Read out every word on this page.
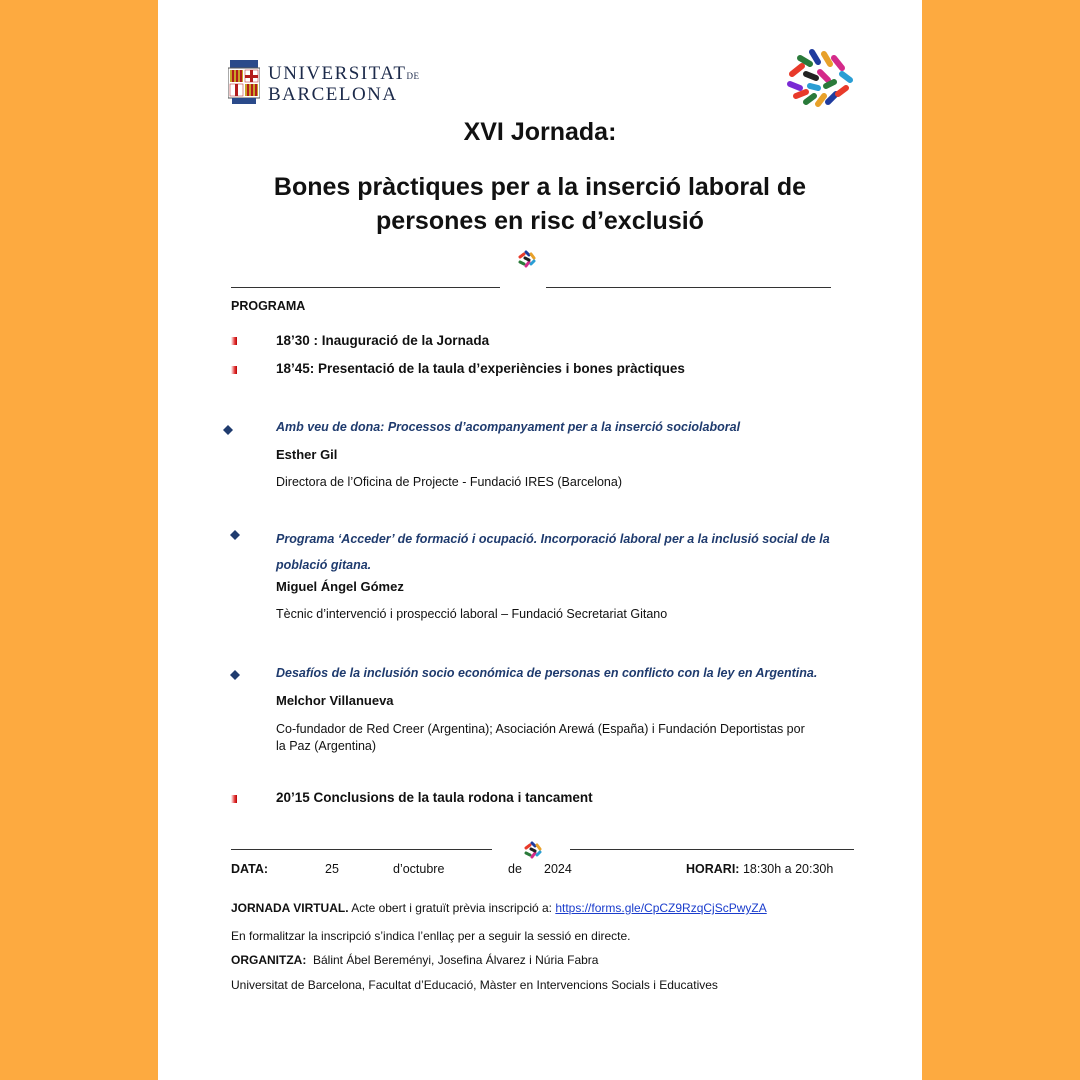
UNIVERSITATDE
BARCELONA
XVI Jornada:
Bones pràctiques per a la inserció laboral de
persones en risc d’exclusió
PROGRAMA
18’30 : Inauguració de la Jornada
18’45: Presentació de la taula d’experiències i bones pràctiques
Amb veu de dona: Processos d’acompanyament per a la inserció sociolaboral
Esther Gil
Directora de l’Oficina de Projecte - Fundació IRES (Barcelona)
Programa ‘Acceder’ de formació i ocupació. Incorporació laboral per a la inclusió social de la
població gitana.
Miguel Ángel Gómez
Tècnic d’intervenció i prospecció laboral – Fundació Secretariat Gitano
Desafíos de la inclusión socio económica de personas en conflicto con la ley en Argentina.
Melchor Villanueva
Co-fundador de Red Creer (Argentina); Asociación Arewá (España) i Fundación Deportistas por
la Paz (Argentina)
20’15 Conclusions de la taula rodona i tancament
DATA:	25	d’octubre	de 2024	HORARI: 18:30h a 20:30h
JORNADA VIRTUAL. Acte obert i gratuït prèvia inscripció a: https://forms.gle/CpCZ9RzqCjScPwyZA
En formalitzar la inscripció s’indica l’enllaç per a seguir la sessió en directe.
ORGANITZA: Bálint Ábel Bereményi, Josefina Álvarez i Núria Fabra
Universitat de Barcelona, Facultat d’Educació, Màster en Intervencions Socials i Educatives
